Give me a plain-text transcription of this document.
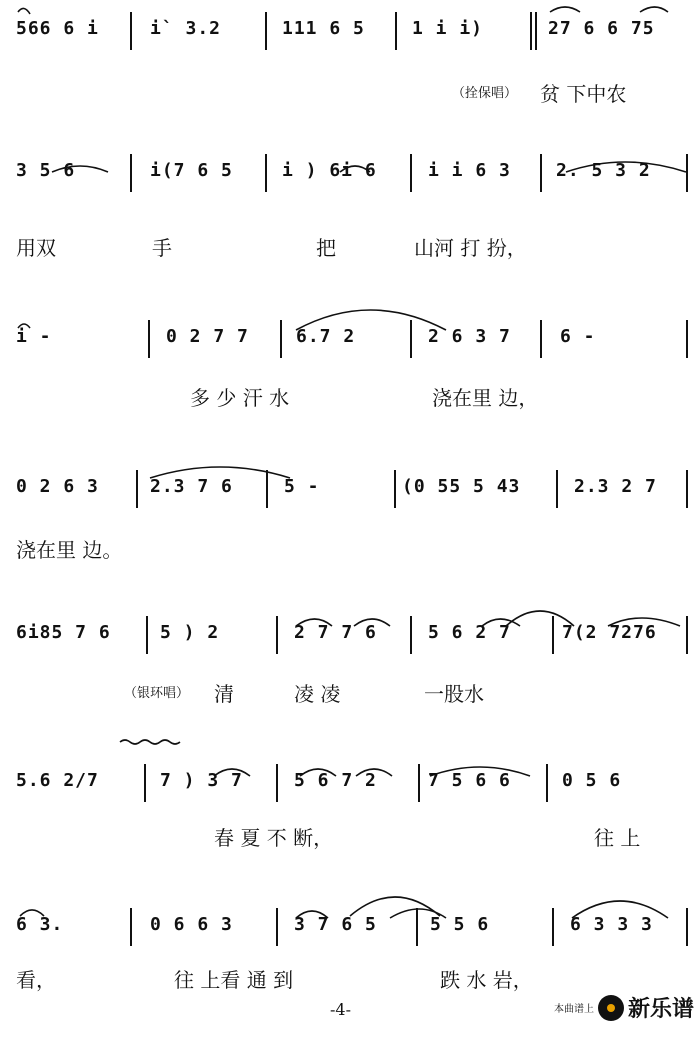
566 6 i	i` 3.2	111 6 5	1 i i)	27 6 6 75
（拴保唱） 贫 下中农
3 5 6	i(7 6 5	i ) 6i 6	i i 6 3	2. 5 3 2
用双	手	把	山河 打 扮，
i -	0 2 7 7	6.7 2	2 6 3 7	6 -
多 少 汗 水	浇在里 边，
0 2 6 3	2.3 7 6	5 -	(0 55 5 43	2.3 2 7
浇在里 边。
6i85 7 6	5 ) 2	2 7 7 6	5 6 2 7	7(2 7276
（银环唱） 清	凌 凌	一股水
5.6 2/7	7 ) 3 7	5 6 7 2	7 5 6 6	0 5 6
春 夏 不 断，	往 上
6 3.	0 6 6 3	3 7 6 5	5 5 6	6 3 3 3
看，	往 上看 通 到	跌 水 岩，
-4-	本曲谱上 新乐谱
